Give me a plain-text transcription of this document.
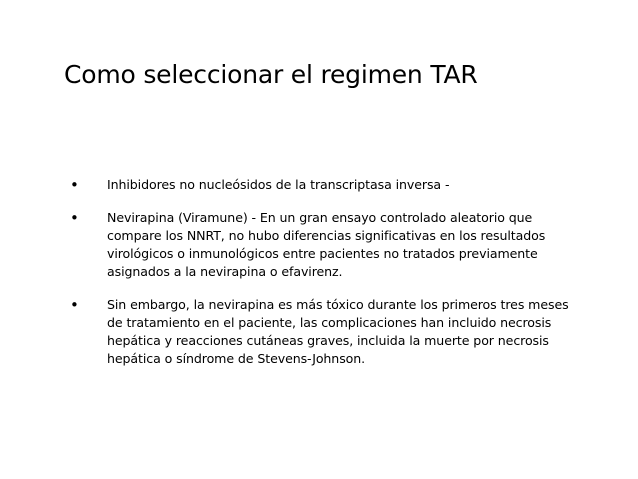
Como seleccionar el regimen TAR
• Inhibidores no nucleósidos de la transcriptasa inversa -
• Nevirapina (Viramune) - En un gran ensayo controlado aleatorio que compare los NNRT, no hubo diferencias significativas en los resultados virológicos o inmunológicos entre pacientes no tratados previamente asignados a la nevirapina o efavirenz.
• Sin embargo, la nevirapina es más tóxico durante los primeros tres meses de tratamiento en el paciente, las complicaciones han incluido necrosis hepática y reacciones cutáneas graves, incluida la muerte por necrosis hepática o síndrome de Stevens-Johnson.
